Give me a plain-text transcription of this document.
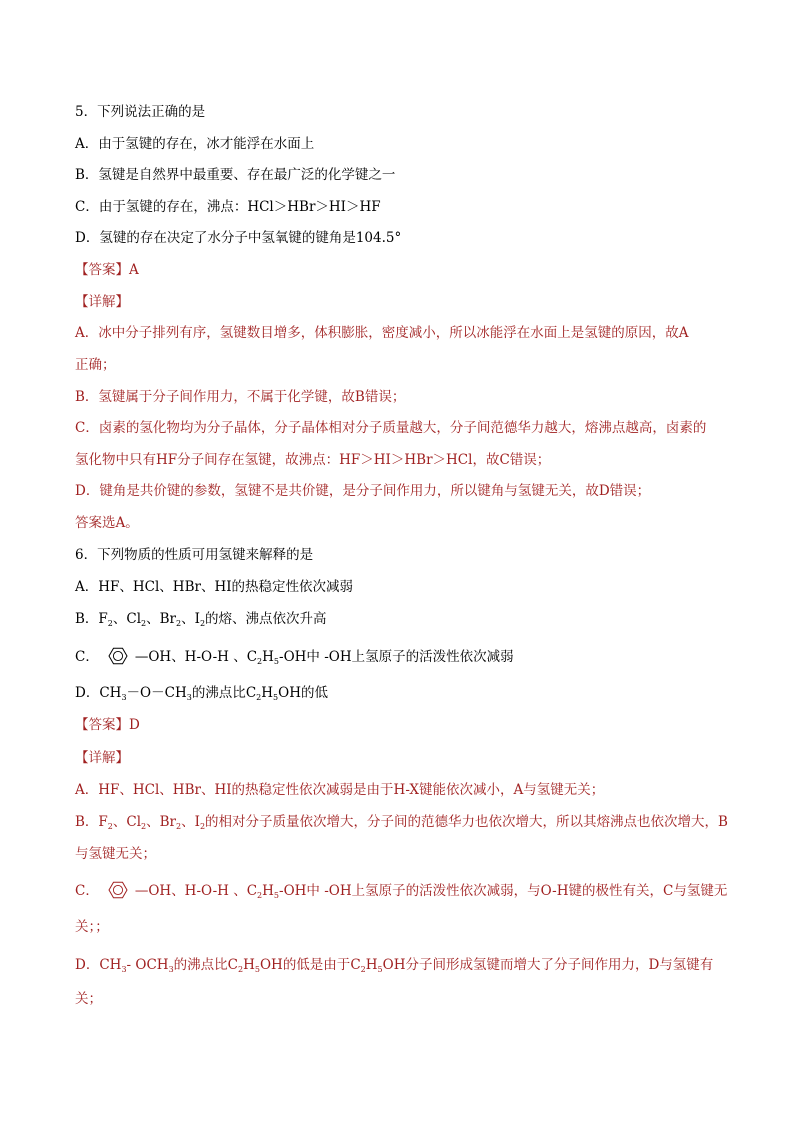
5．下列说法正确的是
A．由于氢键的存在，冰才能浮在水面上
B．氢键是自然界中最重要、存在最广泛的化学键之一
C．由于氢键的存在，沸点：HCl＞HBr＞HI＞HF
D．氢键的存在决定了水分子中氢氧键的键角是104.5°
【答案】A
【详解】
A．冰中分子排列有序，氢键数目增多，体积膨胀，密度减小，所以冰能浮在水面上是氢键的原因，故A
正确；
B．氢键属于分子间作用力，不属于化学键，故B错误；
C．卤素的氢化物均为分子晶体，分子晶体相对分子质量越大，分子间范德华力越大，熔沸点越高，卤素的
氢化物中只有HF分子间存在氢键，故沸点：HF＞HI＞HBr＞HCl，故C错误；
D．键角是共价键的参数，氢键不是共价键，是分子间作用力，所以键角与氢键无关，故D错误；
答案选A。
6．下列物质的性质可用氢键来解释的是
A．HF、HCl、HBr、HI的热稳定性依次减弱
B．$F_2$、$Cl_2$、$Br_2$、$I_2$的熔、沸点依次升高
C．	—OH、H-O-H 、$C_2H_5-OH$中 -OH上氢原子的活泼性依次减弱
D．$CH_3-O-CH_3$的沸点比$C_2H_5OH$的低
【答案】D
【详解】
A．HF、HCl、HBr、HI的热稳定性依次减弱是由于H-X键能依次减小，A与氢键无关；
B．$F_2$、$Cl_2$、$Br_2$、$I_2$的相对分子质量依次增大，分子间的范德华力也依次增大，所以其熔沸点也依次增大，B
与氢键无关；
C．	—OH、H-O-H 、$C_2H_5-OH$中 -OH上氢原子的活泼性依次减弱，与O-H键的极性有关，C与氢键无
关；；
D．$CH_3-$ $OCH_3$的沸点比$C_2H_5OH$的低是由于$C_2H_5OH$分子间形成氢键而增大了分子间作用力，D与氢键有
关；
